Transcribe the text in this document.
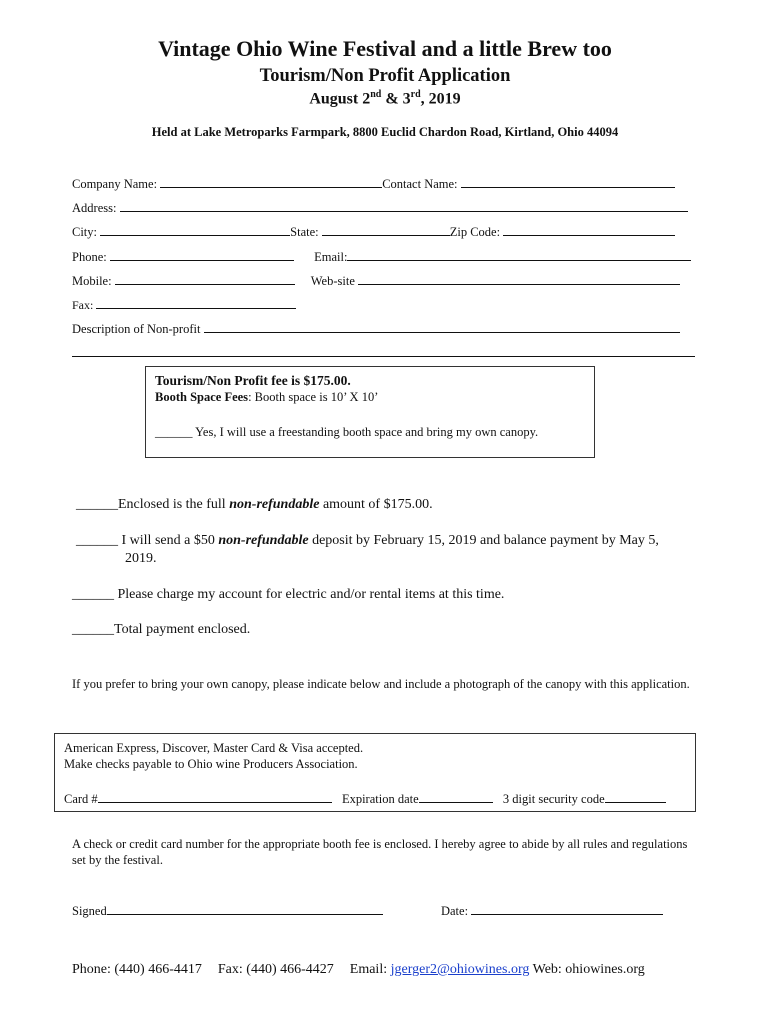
Vintage Ohio Wine Festival and a little Brew too
Tourism/Non Profit Application
August 2nd & 3rd, 2019
Held at Lake Metroparks Farmpark, 8800 Euclid Chardon Road, Kirtland, Ohio 44094
Company Name:	Contact Name:
Address:
City:	State:	Zip Code:
Phone:	Email:
Mobile:	Web-site
Fax:
Description of Non-profit
Tourism/Non Profit fee is $175.00.
Booth Space Fees: Booth space is 10’ X 10’
______ Yes, I will use a freestanding booth space and bring my own canopy.
______Enclosed is the full non-refundable amount of $175.00.
______ I will send a $50 non-refundable deposit by February 15, 2019 and balance payment by May 5,
2019.
______ Please charge my account for electric and/or rental items at this time.
______Total payment enclosed.
If you prefer to bring your own canopy, please indicate below and include a photograph of the canopy with this application.
American Express, Discover, Master Card & Visa accepted.
Make checks payable to Ohio wine Producers Association.
Card #	Expiration date	3 digit security code
A check or credit card number for the appropriate booth fee is enclosed. I hereby agree to abide by all rules and regulations set by the festival.
Signed	Date:
Phone: (440) 466-4417 Fax: (440) 466-4427 Email: jgerger2@ohiowines.org Web: ohiowines.org
